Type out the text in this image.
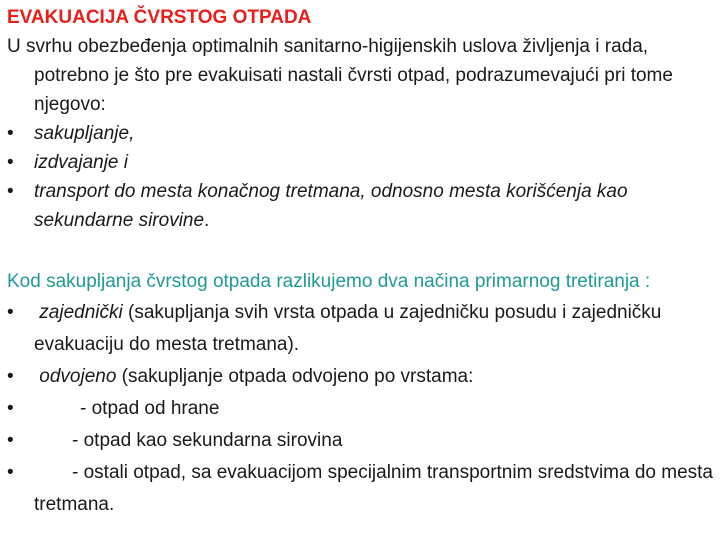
EVAKUACIJA ČVRSTOG OTPADA

U svrhu obezbeđenja optimalnih sanitarno-higijenskih uslova življenja i rada, potrebno je što pre evakuisati nastali čvrsti otpad, podrazumevajući pri tome njegovo:

•	sakupljanje,
•	izdvajanje i
•	transport do mesta konačnog tretmana, odnosno mesta korišćenja kao sekundarne sirovine.

Kod sakupljanja čvrstog otpada razlikujemo dva načina primarnog tretiranja :

•	zajednički (sakupljanja svih vrsta otpada u zajedničku posudu i zajedničku evakuaciju do mesta tretmana).
•	odvojeno (sakupljanje otpada odvojeno po vrstama:
•	- otpad od hrane
•	- otpad kao sekundarna sirovina
•	- ostali otpad, sa evakuacijom specijalnim transportnim sredstvima do mesta tretmana.
